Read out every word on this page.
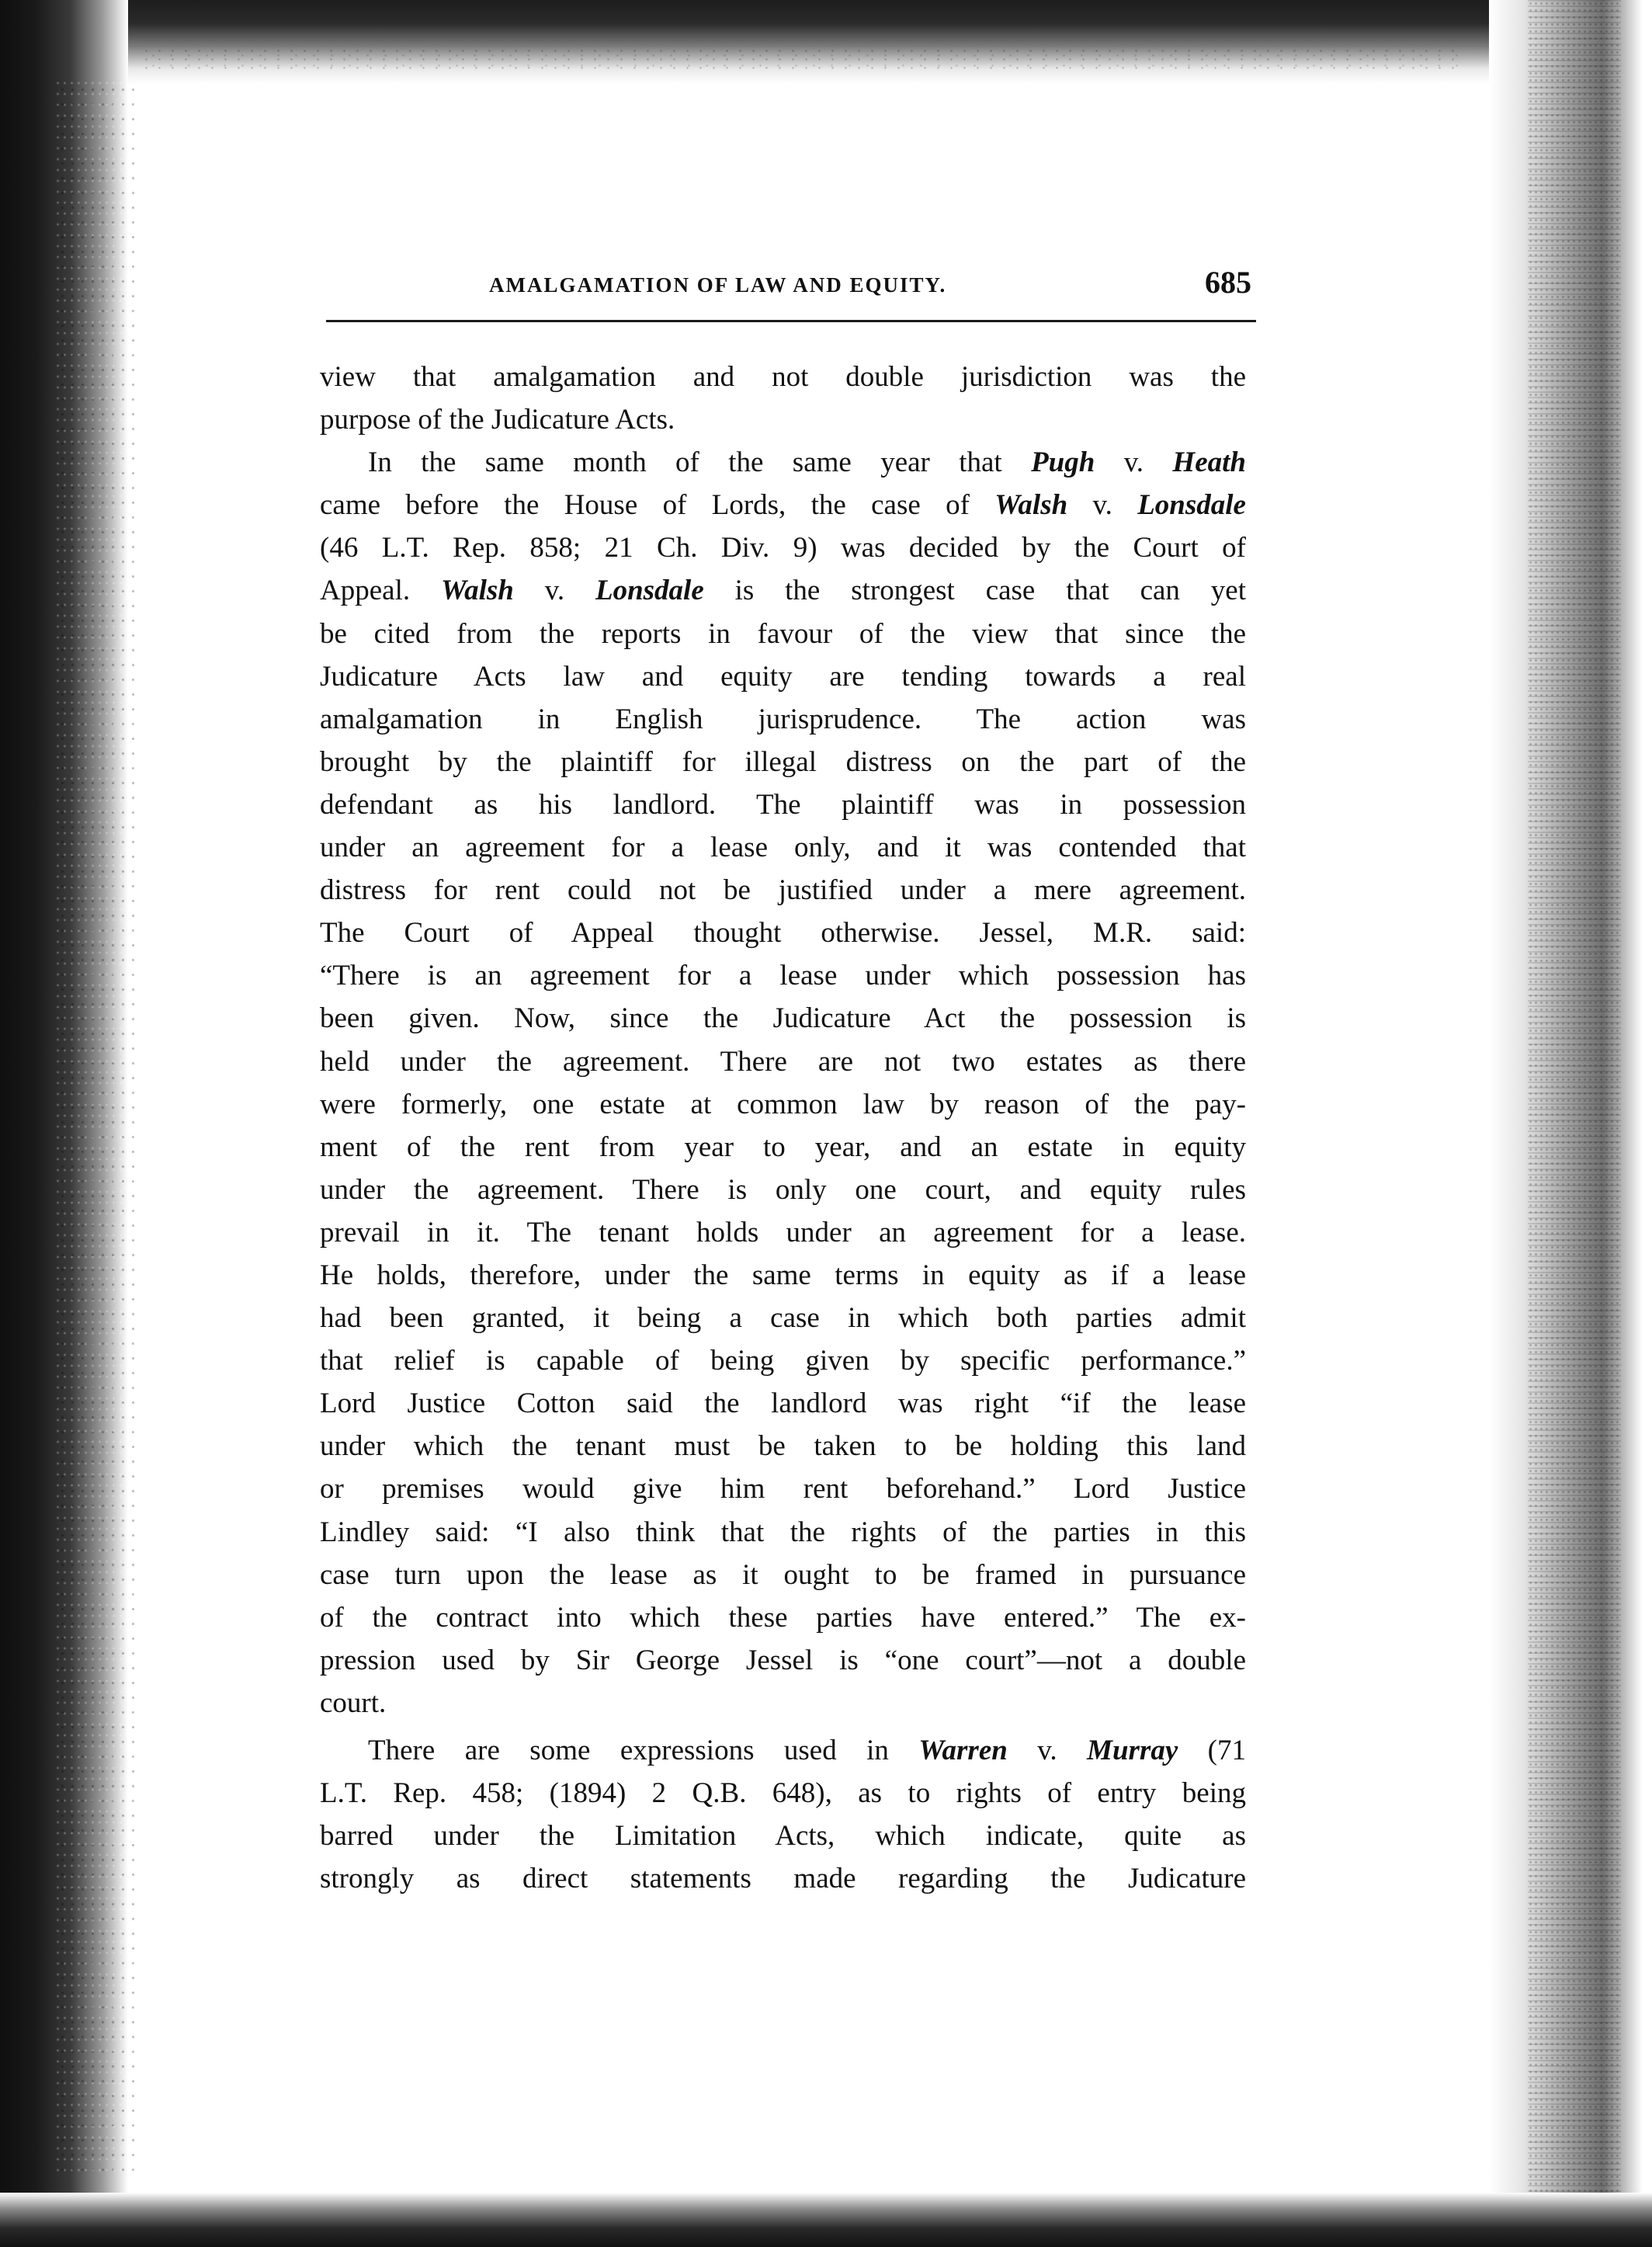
AMALGAMATION OF LAW AND EQUITY.	685
view that amalgamation and not double jurisdiction was the
purpose of the Judicature Acts.
In the same month of the same year that Pugh v. Heath
came before the House of Lords, the case of Walsh v. Lonsdale
(46 L.T. Rep. 858; 21 Ch. Div. 9) was decided by the Court of
Appeal. Walsh v. Lonsdale is the strongest case that can yet
be cited from the reports in favour of the view that since the
Judicature Acts law and equity are tending towards a real
amalgamation in English jurisprudence. The action was
brought by the plaintiff for illegal distress on the part of the
defendant as his landlord. The plaintiff was in possession
under an agreement for a lease only, and it was contended that
distress for rent could not be justified under a mere agreement.
The Court of Appeal thought otherwise. Jessel, M.R. said:
“There is an agreement for a lease under which possession has
been given. Now, since the Judicature Act the possession is
held under the agreement. There are not two estates as there
were formerly, one estate at common law by reason of the pay-
ment of the rent from year to year, and an estate in equity
under the agreement. There is only one court, and equity rules
prevail in it. The tenant holds under an agreement for a lease.
He holds, therefore, under the same terms in equity as if a lease
had been granted, it being a case in which both parties admit
that relief is capable of being given by specific performance.”
Lord Justice Cotton said the landlord was right “if the lease
under which the tenant must be taken to be holding this land
or premises would give him rent beforehand.” Lord Justice
Lindley said: “I also think that the rights of the parties in this
case turn upon the lease as it ought to be framed in pursuance
of the contract into which these parties have entered.” The ex-
pression used by Sir George Jessel is “one court”—not a double
court.
There are some expressions used in Warren v. Murray (71
L.T. Rep. 458; (1894) 2 Q.B. 648), as to rights of entry being
barred under the Limitation Acts, which indicate, quite as
strongly as direct statements made regarding the Judicature
